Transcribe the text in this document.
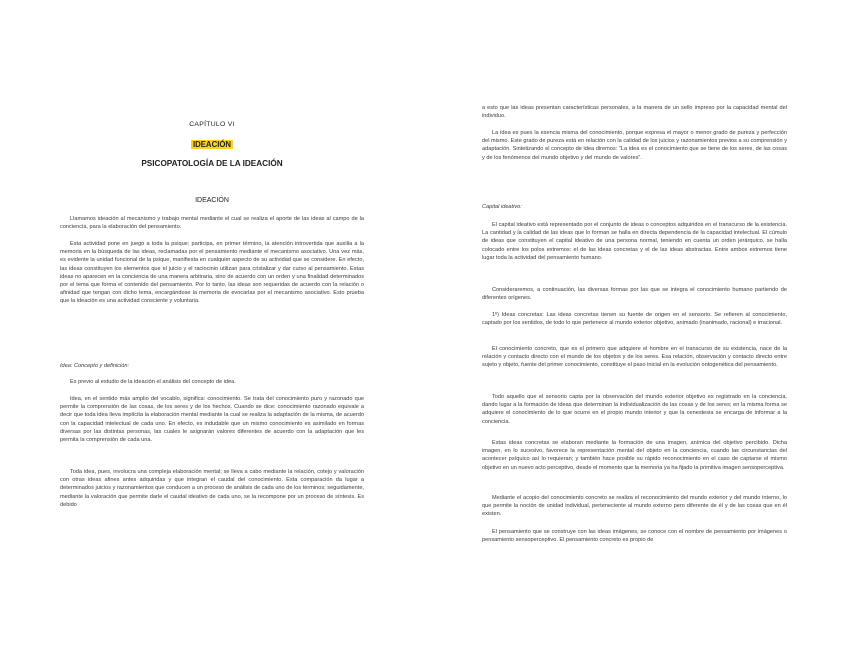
CAPÍTULO VI
IDEACIÓN
PSICOPATOLOGÍA DE LA IDEACIÓN
IDEACIÓN

Llamamos ideación al mecanismo y trabajo mental mediante el cual se realiza el aporte de las ideas al campo de la conciencia, para la elaboración del pensamiento.

Esta actividad pone en juego a toda la psique; participa, en primer término, la atención introvertida que auxilia a la memoria en la búsqueda de las ideas, reclamadas por el pensamiento mediante el mecanismo asociativo. Una vez más, es evidente la unidad funcional de la psique, manifiesta en cualquier aspecto de su actividad que se considere. En efecto, las ideas constituyen los elementos que el juicio y el raciocinio utilizan para cristalizar y dar curso al pensamiento. Estas ideas no aparecen en la conciencia de una manera arbitraria, sino de acuerdo con un orden y una finalidad determinados por el tema que forma el contenido del pensamiento. Por lo tanto, las ideas son requeridas de acuerdo con la relación o afinidad que tengan con dicho tema, encargándose la memoria de evocarlas por el mecanismo asociativo. Esto prueba que la ideación es una actividad consciente y voluntaria.

Idea: Concepto y definición:

Es previo al estudio de la ideación el análisis del concepto de idea.

Idea, en el sentido más amplio del vocablo, significa: conocimiento. Se trata del conocimiento puro y razonado que permite la comprensión de las cosas, de los seres y de los hechos. Cuando se dice: conocimiento razonado equivale a decir que toda idea lleva implícita la elaboración mental mediante la cual se realiza la adaptación de la misma, de acuerdo con la capacidad intelectual de cada uno. En efecto, es indudable que un mismo conocimiento es asimilado en formas diversas por las distintas personas, las cuales le asignarán valores diferentes de acuerdo con la adaptación que les permita la comprensión de cada una.

Toda idea, pues, involucra una compleja elaboración mental; se lleva a cabo mediante la relación, cotejo y valoración con otras ideas afines antes adquiridas y que integran el caudal del conocimiento. Esta comparación da lugar a determinados juicios y razonamientos que conducen a un proceso de análisis de cada uno de los términos; seguidamente, mediante la valoración que permite darle el caudal ideativo de cada uno, se la recompone por un proceso de síntesis. Es debido

a esto que las ideas presentan características personales, a la manera de un sello impreso por la capacidad mental del individuo.

La idea es pues la esencia misma del conocimiento, porque expresa el mayor o menor grado de pureza y perfección del mismo. Este grado de pureza está en relación con la calidad de los juicios y razonamientos previos a su comprensión y adaptación. Sintetizando el concepto de idea diremos: "La idea es el conocimiento que se tiene de los seres, de las cosas y de los fenómenos del mundo objetivo y del mundo de valores".

Capital ideativo:

El capital ideativo está representado por el conjunto de ideas o conceptos adquiridos en el transcurso de la existencia. La cantidad y la calidad de las ideas que lo forman se halla en directa dependencia de la capacidad intelectual. El cúmulo de ideas que constituyen el capital ideativo de una persona normal, teniendo en cuenta un orden jerárquico, se halla colocado entre los polos extremos: el de las ideas concretas y el de las ideas abstractas. Entre ambos extremos tiene lugar toda la actividad del pensamiento humano.

Consideraremos, a continuación, las diversas formas por las que se integra el conocimiento humano partiendo de diferentes orígenes.

1º) Ideas concretas: Las ideas concretas tienen su fuente de origen en el sensorio. Se refieren al conocimiento, captado por los sentidos, de todo lo que pertenece al mundo exterior objetivo, animado (inanimado, racional) e irracional.

El conocimiento concreto, que es el primero que adquiere el hombre en el transcurso de su existencia, nace de la relación y contacto directo con el mundo de los objetos y de los seres. Esa relación, observación y contacto directo entre sujeto y objeto, fuente del primer conocimiento, constituye el paso inicial en la evolución ontogenética del pensamiento.

Todo aquello que el sensorio capta por la observación del mundo exterior objetivo es registrado en la conciencia, dando lugar a la formación de ideas que determinan la individualización de las cosas y de los seres; en la misma forma se adquiere el conocimiento de lo que ocurre en el propio mundo interior y que la cenestesia se encarga de informar a la conciencia.

Estas ideas concretas se elaboran mediante la formación de una imagen, anímica del objetivo percibido. Dicha imagen, en lo sucesivo, favorece la representación mental del objeto en la conciencia, cuando las circunstancias del acontecer psíquico así lo requieran; y también hace posible su rápido reconocimiento en el caso de captarse el mismo objetivo en un nuevo acto perceptivo, desde el momento que la memoria ya ha fijado la primitiva imagen sensoperceptiva.

Mediante el acopio del conocimiento concreto se realiza el reconocimiento del mundo exterior y del mundo interno, lo que permite la noción de unidad individual, perteneciente al mundo externo pero diferente de él y de las cosas que en él existen.

El pensamiento que se construye con las ideas imágenes, se conoce con el nombre de pensamiento por imágenes o pensamiento sensoperceptivo. El pensamiento concreto es propio de
